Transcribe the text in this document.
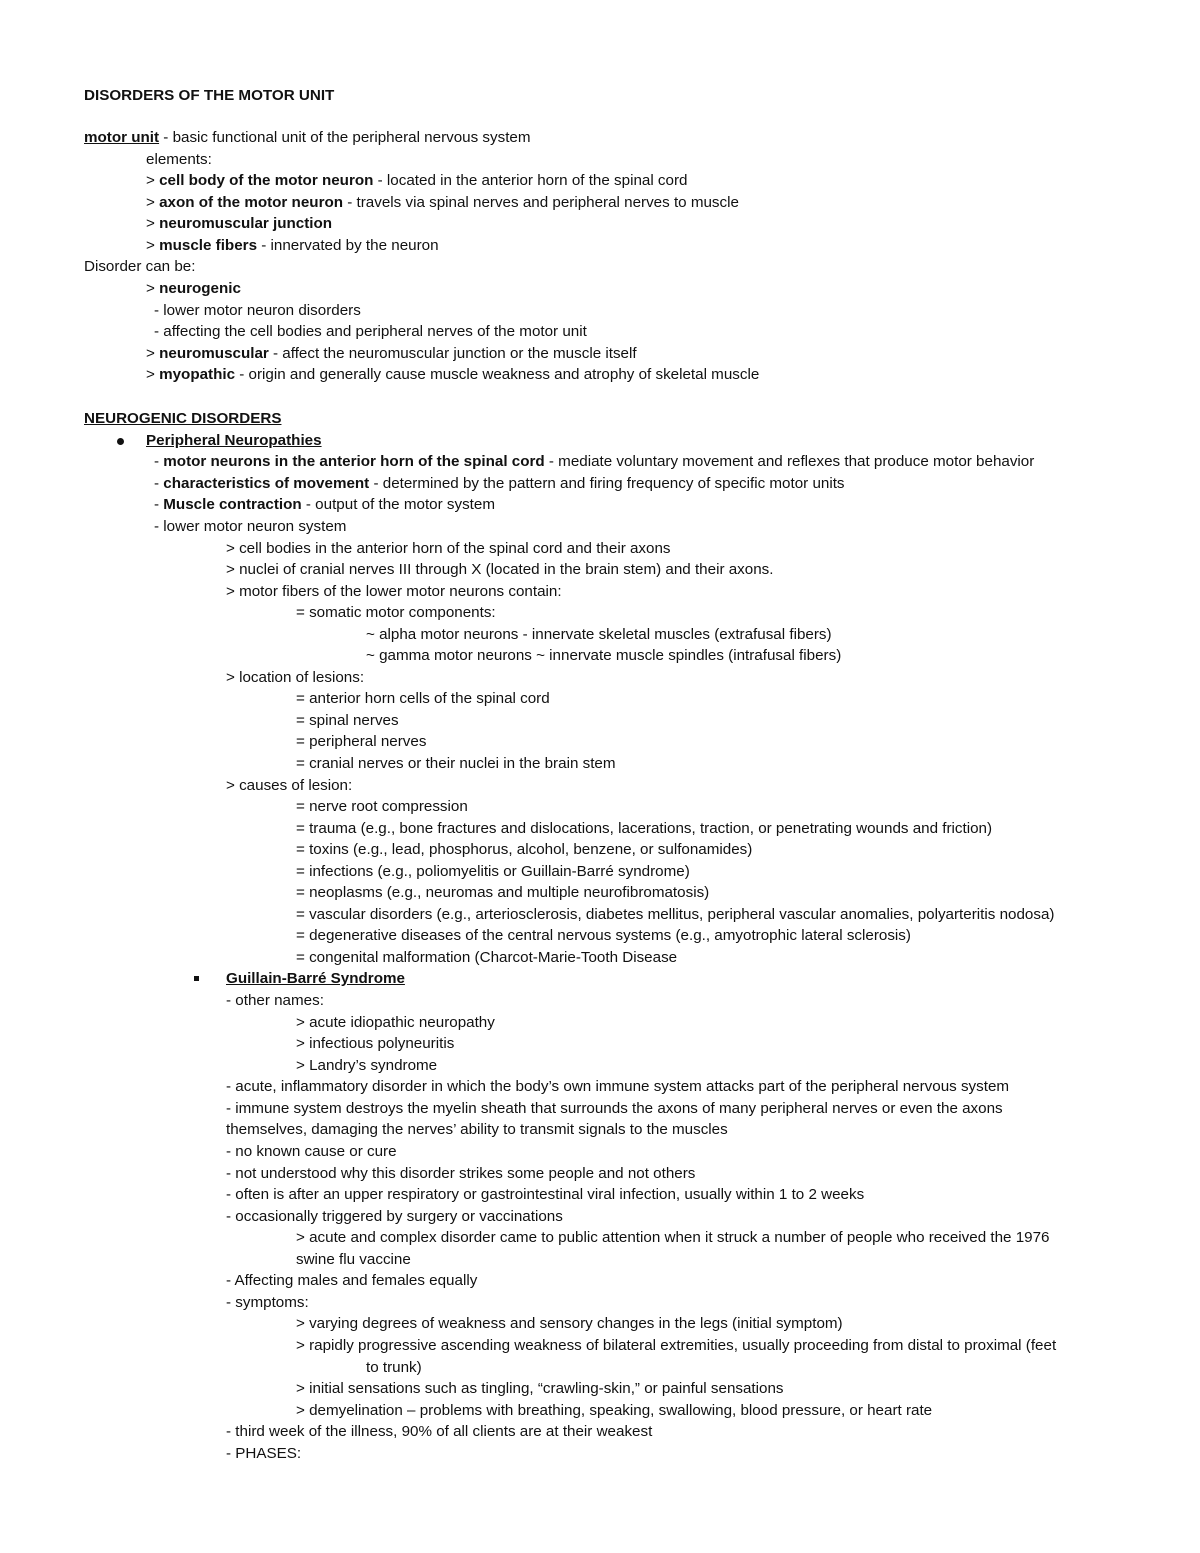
DISORDERS OF THE MOTOR UNIT
motor unit - basic functional unit of the peripheral nervous system
elements:
> cell body of the motor neuron - located in the anterior horn of the spinal cord
> axon of the motor neuron - travels via spinal nerves and peripheral nerves to muscle
> neuromuscular junction
> muscle fibers - innervated by the neuron
Disorder can be:
> neurogenic
- lower motor neuron disorders
- affecting the cell bodies and peripheral nerves of the motor unit
> neuromuscular - affect the neuromuscular junction or the muscle itself
> myopathic - origin and generally cause muscle weakness and atrophy of skeletal muscle
NEUROGENIC DISORDERS
Peripheral Neuropathies
- motor neurons in the anterior horn of the spinal cord - mediate voluntary movement and reflexes that produce motor behavior
- characteristics of movement - determined by the pattern and firing frequency of specific motor units
- Muscle contraction - output of the motor system
- lower motor neuron system
> cell bodies in the anterior horn of the spinal cord and their axons
> nuclei of cranial nerves III through X (located in the brain stem) and their axons.
> motor fibers of the lower motor neurons contain:
= somatic motor components:
~ alpha motor neurons - innervate skeletal muscles (extrafusal fibers)
~ gamma motor neurons ~ innervate muscle spindles (intrafusal fibers)
> location of lesions:
= anterior horn cells of the spinal cord
= spinal nerves
= peripheral nerves
= cranial nerves or their nuclei in the brain stem
> causes of lesion:
= nerve root compression
= trauma (e.g., bone fractures and dislocations, lacerations, traction, or penetrating wounds and friction)
= toxins (e.g., lead, phosphorus, alcohol, benzene, or sulfonamides)
= infections (e.g., poliomyelitis or Guillain-Barré syndrome)
= neoplasms (e.g., neuromas and multiple neurofibromatosis)
= vascular disorders (e.g., arteriosclerosis, diabetes mellitus, peripheral vascular anomalies, polyarteritis nodosa)
= degenerative diseases of the central nervous systems (e.g., amyotrophic lateral sclerosis)
= congenital malformation (Charcot-Marie-Tooth Disease
Guillain-Barré Syndrome
- other names:
> acute idiopathic neuropathy
> infectious polyneuritis
> Landry’s syndrome
- acute, inflammatory disorder in which the body’s own immune system attacks part of the peripheral nervous system
- immune system destroys the myelin sheath that surrounds the axons of many peripheral nerves or even the axons
themselves, damaging the nerves’ ability to transmit signals to the muscles
- no known cause or cure
- not understood why this disorder strikes some people and not others
- often is after an upper respiratory or gastrointestinal viral infection, usually within 1 to 2 weeks
- occasionally triggered by surgery or vaccinations
> acute and complex disorder came to public attention when it struck a number of people who received the 1976
swine flu vaccine
- Affecting males and females equally
- symptoms:
> varying degrees of weakness and sensory changes in the legs (initial symptom)
> rapidly progressive ascending weakness of bilateral extremities, usually proceeding from distal to proximal (feet
to trunk)
> initial sensations such as tingling, “crawling-skin,” or painful sensations
> demyelination – problems with breathing, speaking, swallowing, blood pressure, or heart rate
- third week of the illness, 90% of all clients are at their weakest
- PHASES:
